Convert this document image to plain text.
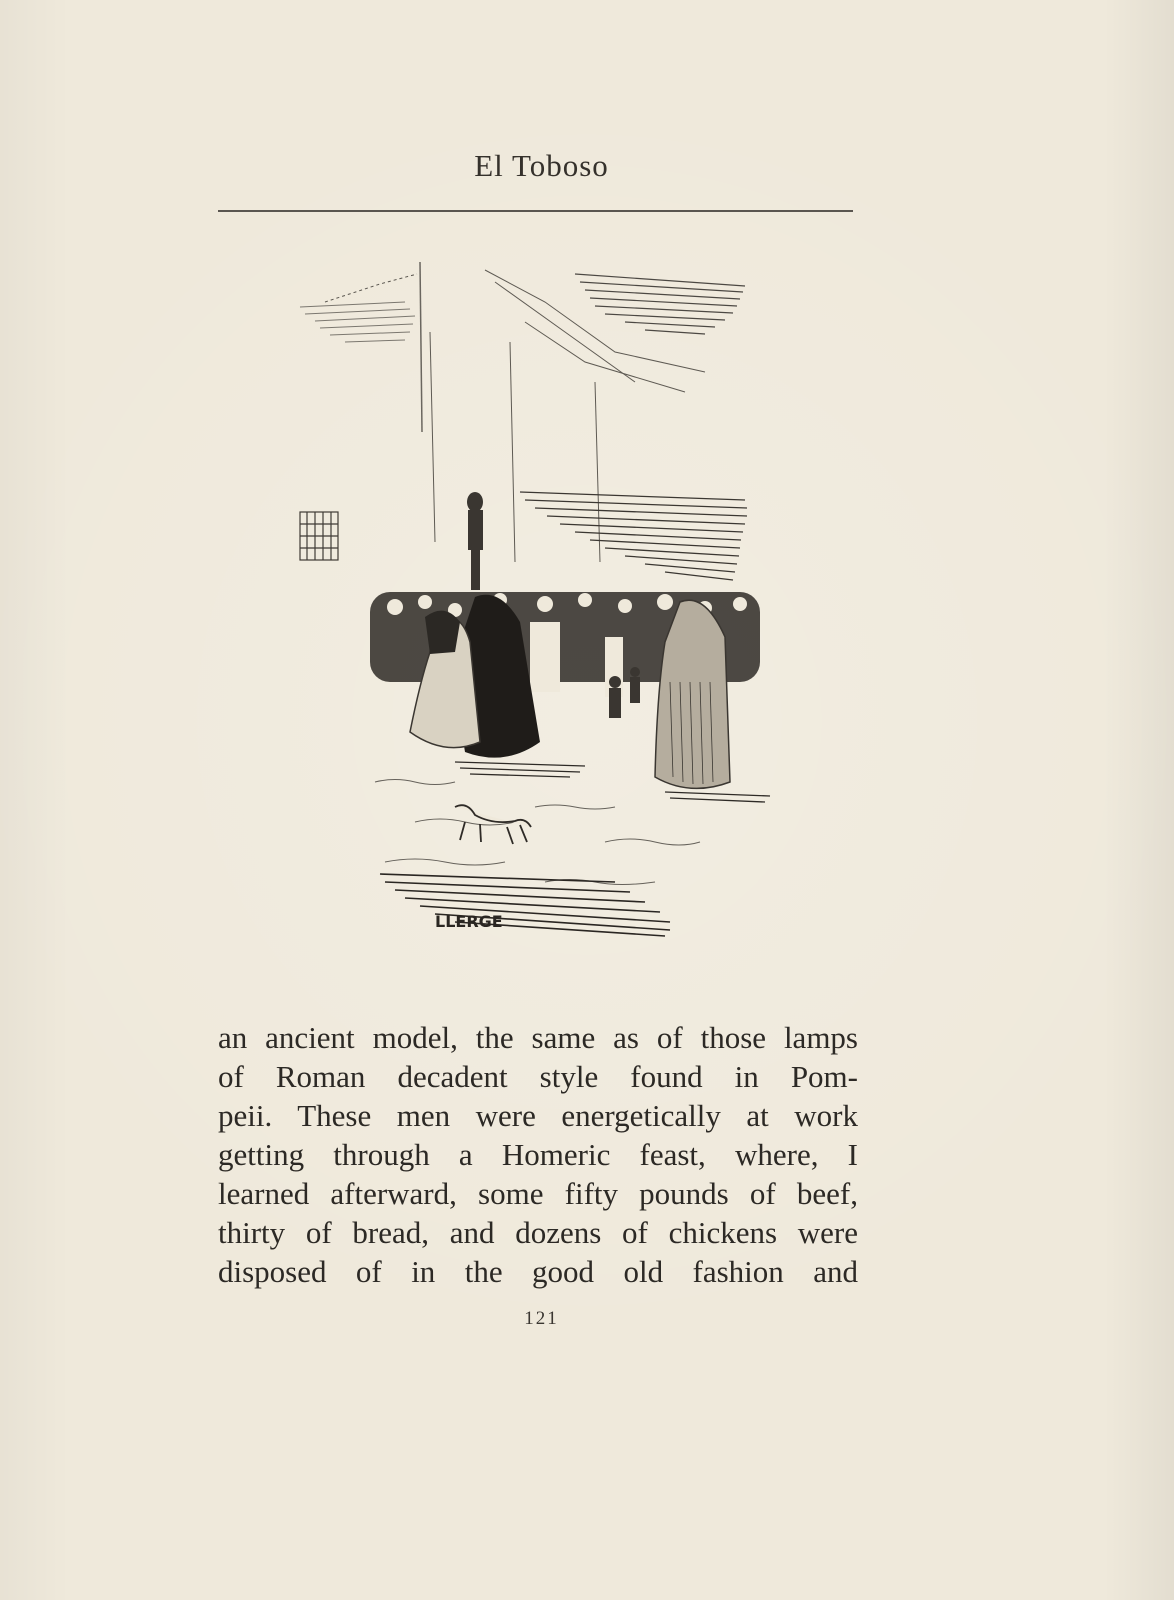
El Toboso
LLERGE
an ancient model, the same as of those lamps
of Roman decadent style found in Pom-
peii. These men were energetically at work
getting through a Homeric feast, where, I
learned afterward, some fifty pounds of beef,
thirty of bread, and dozens of chickens were
disposed of in the good old fashion and
121
